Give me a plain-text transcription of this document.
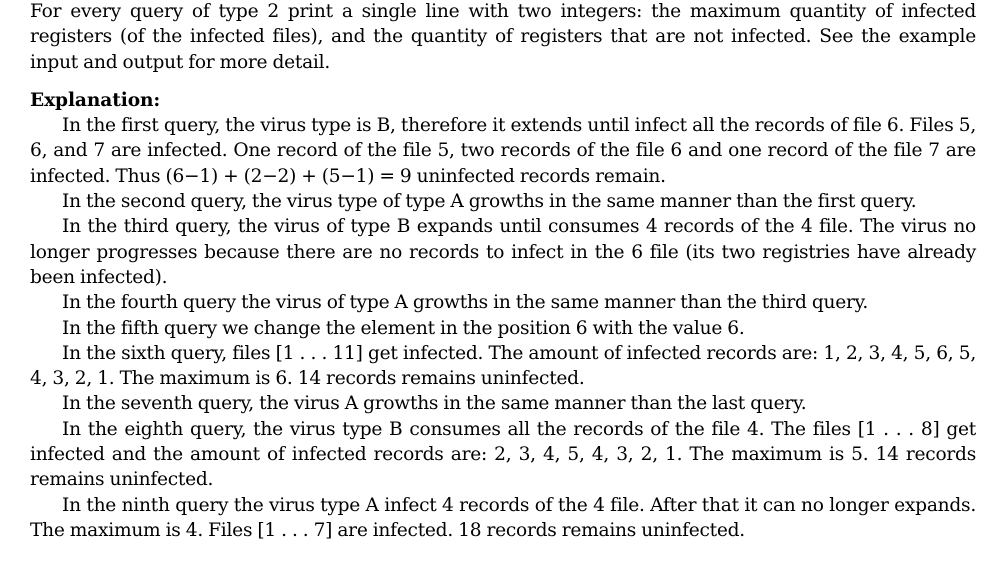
For every query of type 2 print a single line with two integers: the maximum quantity of infected registers (of the infected files), and the quantity of registers that are not infected. See the example input and output for more detail.

Explanation:

In the first query, the virus type is B, therefore it extends until infect all the records of file 6. Files 5, 6, and 7 are infected. One record of the file 5, two records of the file 6 and one record of the file 7 are infected. Thus (6−1) + (2−2) + (5−1) = 9 uninfected records remain.

In the second query, the virus type of type A growths in the same manner than the first query.

In the third query, the virus of type B expands until consumes 4 records of the 4 file. The virus no longer progresses because there are no records to infect in the 6 file (its two registries have already been infected).

In the fourth query the virus of type A growths in the same manner than the third query.

In the fifth query we change the element in the position 6 with the value 6.

In the sixth query, files [1 . . . 11] get infected. The amount of infected records are: 1, 2, 3, 4, 5, 6, 5, 4, 3, 2, 1. The maximum is 6. 14 records remains uninfected.

In the seventh query, the virus A growths in the same manner than the last query.

In the eighth query, the virus type B consumes all the records of the file 4. The files [1 . . . 8] get infected and the amount of infected records are: 2, 3, 4, 5, 4, 3, 2, 1. The maximum is 5. 14 records remains uninfected.

In the ninth query the virus type A infect 4 records of the 4 file. After that it can no longer expands. The maximum is 4. Files [1 . . . 7] are infected. 18 records remains uninfected.
